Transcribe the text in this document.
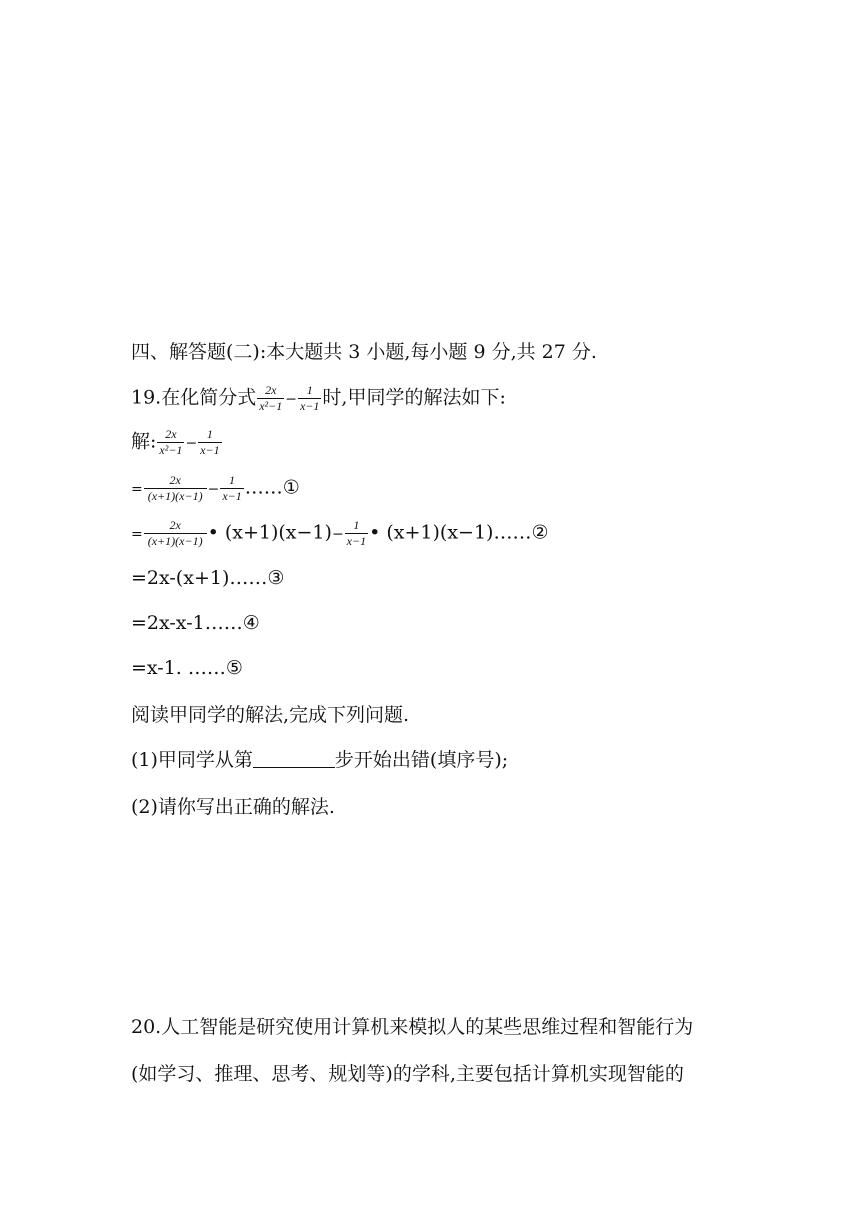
四、解答题(二):本大题共 3 小题,每小题 9 分,共 27 分.
19.在化简分式 $\frac{2x}{\text{x²−1}} - \frac{1}{x-1}$ 时,甲同学的解法如下:
解: $\frac{2x}{\text{x²−1}} - \frac{1}{x-1}$
= $\frac{2x}{(x+1)(x-1)} - \frac{1}{x-1}$ ……①
= $\frac{2x}{(x+1)(x-1)}$ • $(x+1)(x-1)- \frac{1}{x-1}$ • (x+1)(x−1)……②
=2x-(x+1)……③
=2x-x-1……④
=x-1. ……⑤
阅读甲同学的解法,完成下列问题.
(1)甲同学从第	步开始出错(填序号);
(2)请你写出正确的解法.
20.人工智能是研究使用计算机来模拟人的某些思维过程和智能行为
(如学习、推理、思考、规划等)的学科,主要包括计算机实现智能的
